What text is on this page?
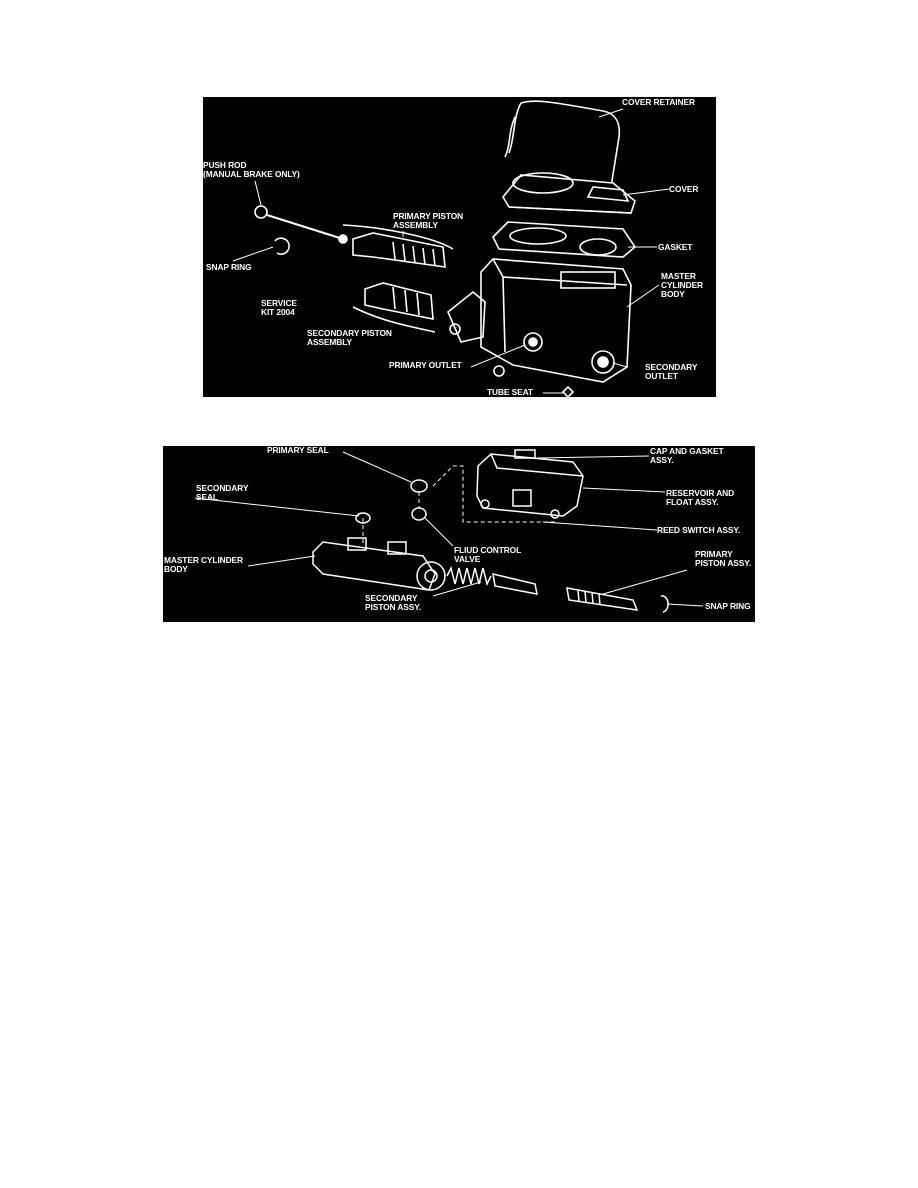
COVER RETAINER
PUSH ROD
(MANUAL BRAKE ONLY)
COVER
PRIMARY PISTON
ASSEMBLY
GASKET
SNAP RING
MASTER
CYLINDER
BODY
SERVICE
KIT 2004
SECONDARY PISTON
ASSEMBLY
PRIMARY OUTLET	SECONDARY
OUTLET
TUBE SEAT
PRIMARY SEAL	CAP AND GASKET
ASSY.
SECONDARY
SEAL	RESERVOIR AND
FLOAT ASSY.
REED SWITCH ASSY.
FLIUD CONTROL
VALVE
PRIMARY
PISTON ASSY.
MASTER CYLINDER
BODY
SECONDARY
PISTON ASSY.	SNAP RING
